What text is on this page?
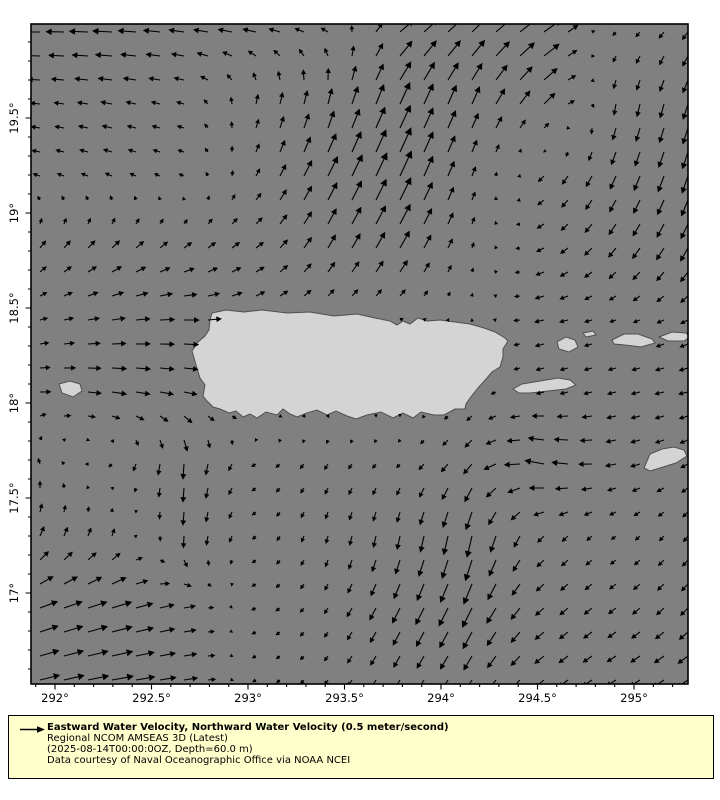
292°	292.5°	293°	293.5°	294°	294.5°	295°
17°
17.5°
18°
18.5°
19°
19.5°
Eastward Water Velocity, Northward Water Velocity (0.5 meter/second)
Regional NCOM AMSEAS 3D (Latest)
(2025-08-14T00:00:0OZ, Depth=60.0 m)
Data courtesy of Naval Oceanographic Office via NOAA NCEI
